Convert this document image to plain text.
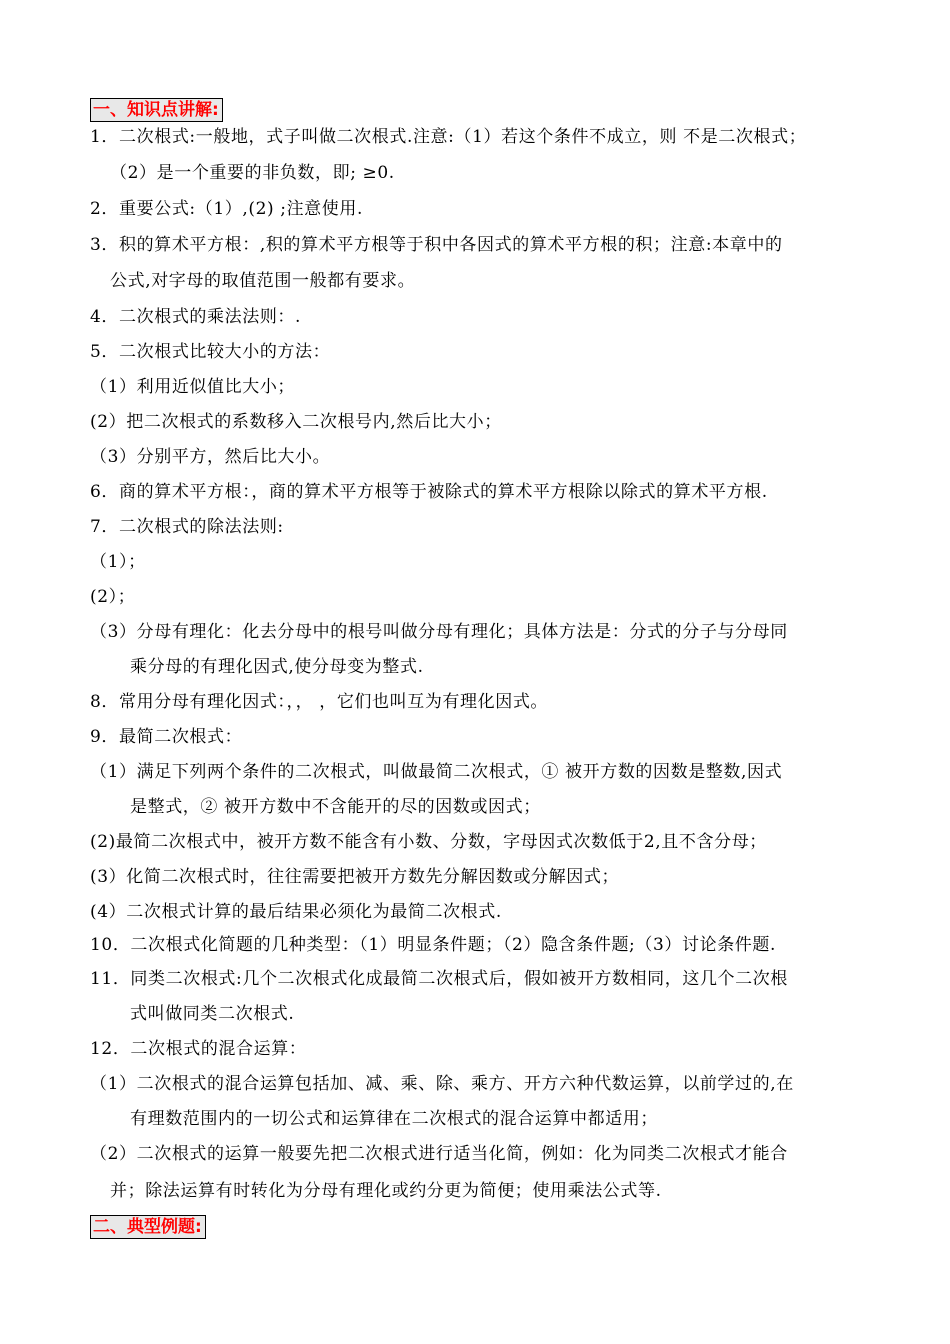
一、知识点讲解:
1．二次根式:一般地，式子叫做二次根式.注意:（1）若这个条件不成立，则 不是二次根式；
（2）是一个重要的非负数，即; ≥0.
2．重要公式:（1）,(2) ;注意使用.
3．积的算术平方根：,积的算术平方根等于积中各因式的算术平方根的积；注意:本章中的
公式,对字母的取值范围一般都有要求。
4．二次根式的乘法法则：.
5．二次根式比较大小的方法：
（1）利用近似值比大小；
(2）把二次根式的系数移入二次根号内,然后比大小；
（3）分别平方，然后比大小。
6．商的算术平方根：，商的算术平方根等于被除式的算术平方根除以除式的算术平方根.
7．二次根式的除法法则:
（1）；
(2）；
（3）分母有理化：化去分母中的根号叫做分母有理化；具体方法是：分式的分子与分母同
乘分母的有理化因式,使分母变为整式.
8．常用分母有理化因式：，， ，它们也叫互为有理化因式。
9．最简二次根式：
（1）满足下列两个条件的二次根式，叫做最简二次根式，① 被开方数的因数是整数,因式
是整式，② 被开方数中不含能开的尽的因数或因式；
(2)最简二次根式中，被开方数不能含有小数、分数，字母因式次数低于2,且不含分母；
(3）化简二次根式时，往往需要把被开方数先分解因数或分解因式；
(4）二次根式计算的最后结果必须化为最简二次根式.
10．二次根式化简题的几种类型：（1）明显条件题；（2）隐含条件题;（3）讨论条件题.
11．同类二次根式:几个二次根式化成最简二次根式后，假如被开方数相同，这几个二次根
式叫做同类二次根式.
12．二次根式的混合运算：
（1）二次根式的混合运算包括加、减、乘、除、乘方、开方六种代数运算，以前学过的,在
有理数范围内的一切公式和运算律在二次根式的混合运算中都适用；
（2）二次根式的运算一般要先把二次根式进行适当化简，例如：化为同类二次根式才能合
并；除法运算有时转化为分母有理化或约分更为简便；使用乘法公式等.
二、典型例题:
